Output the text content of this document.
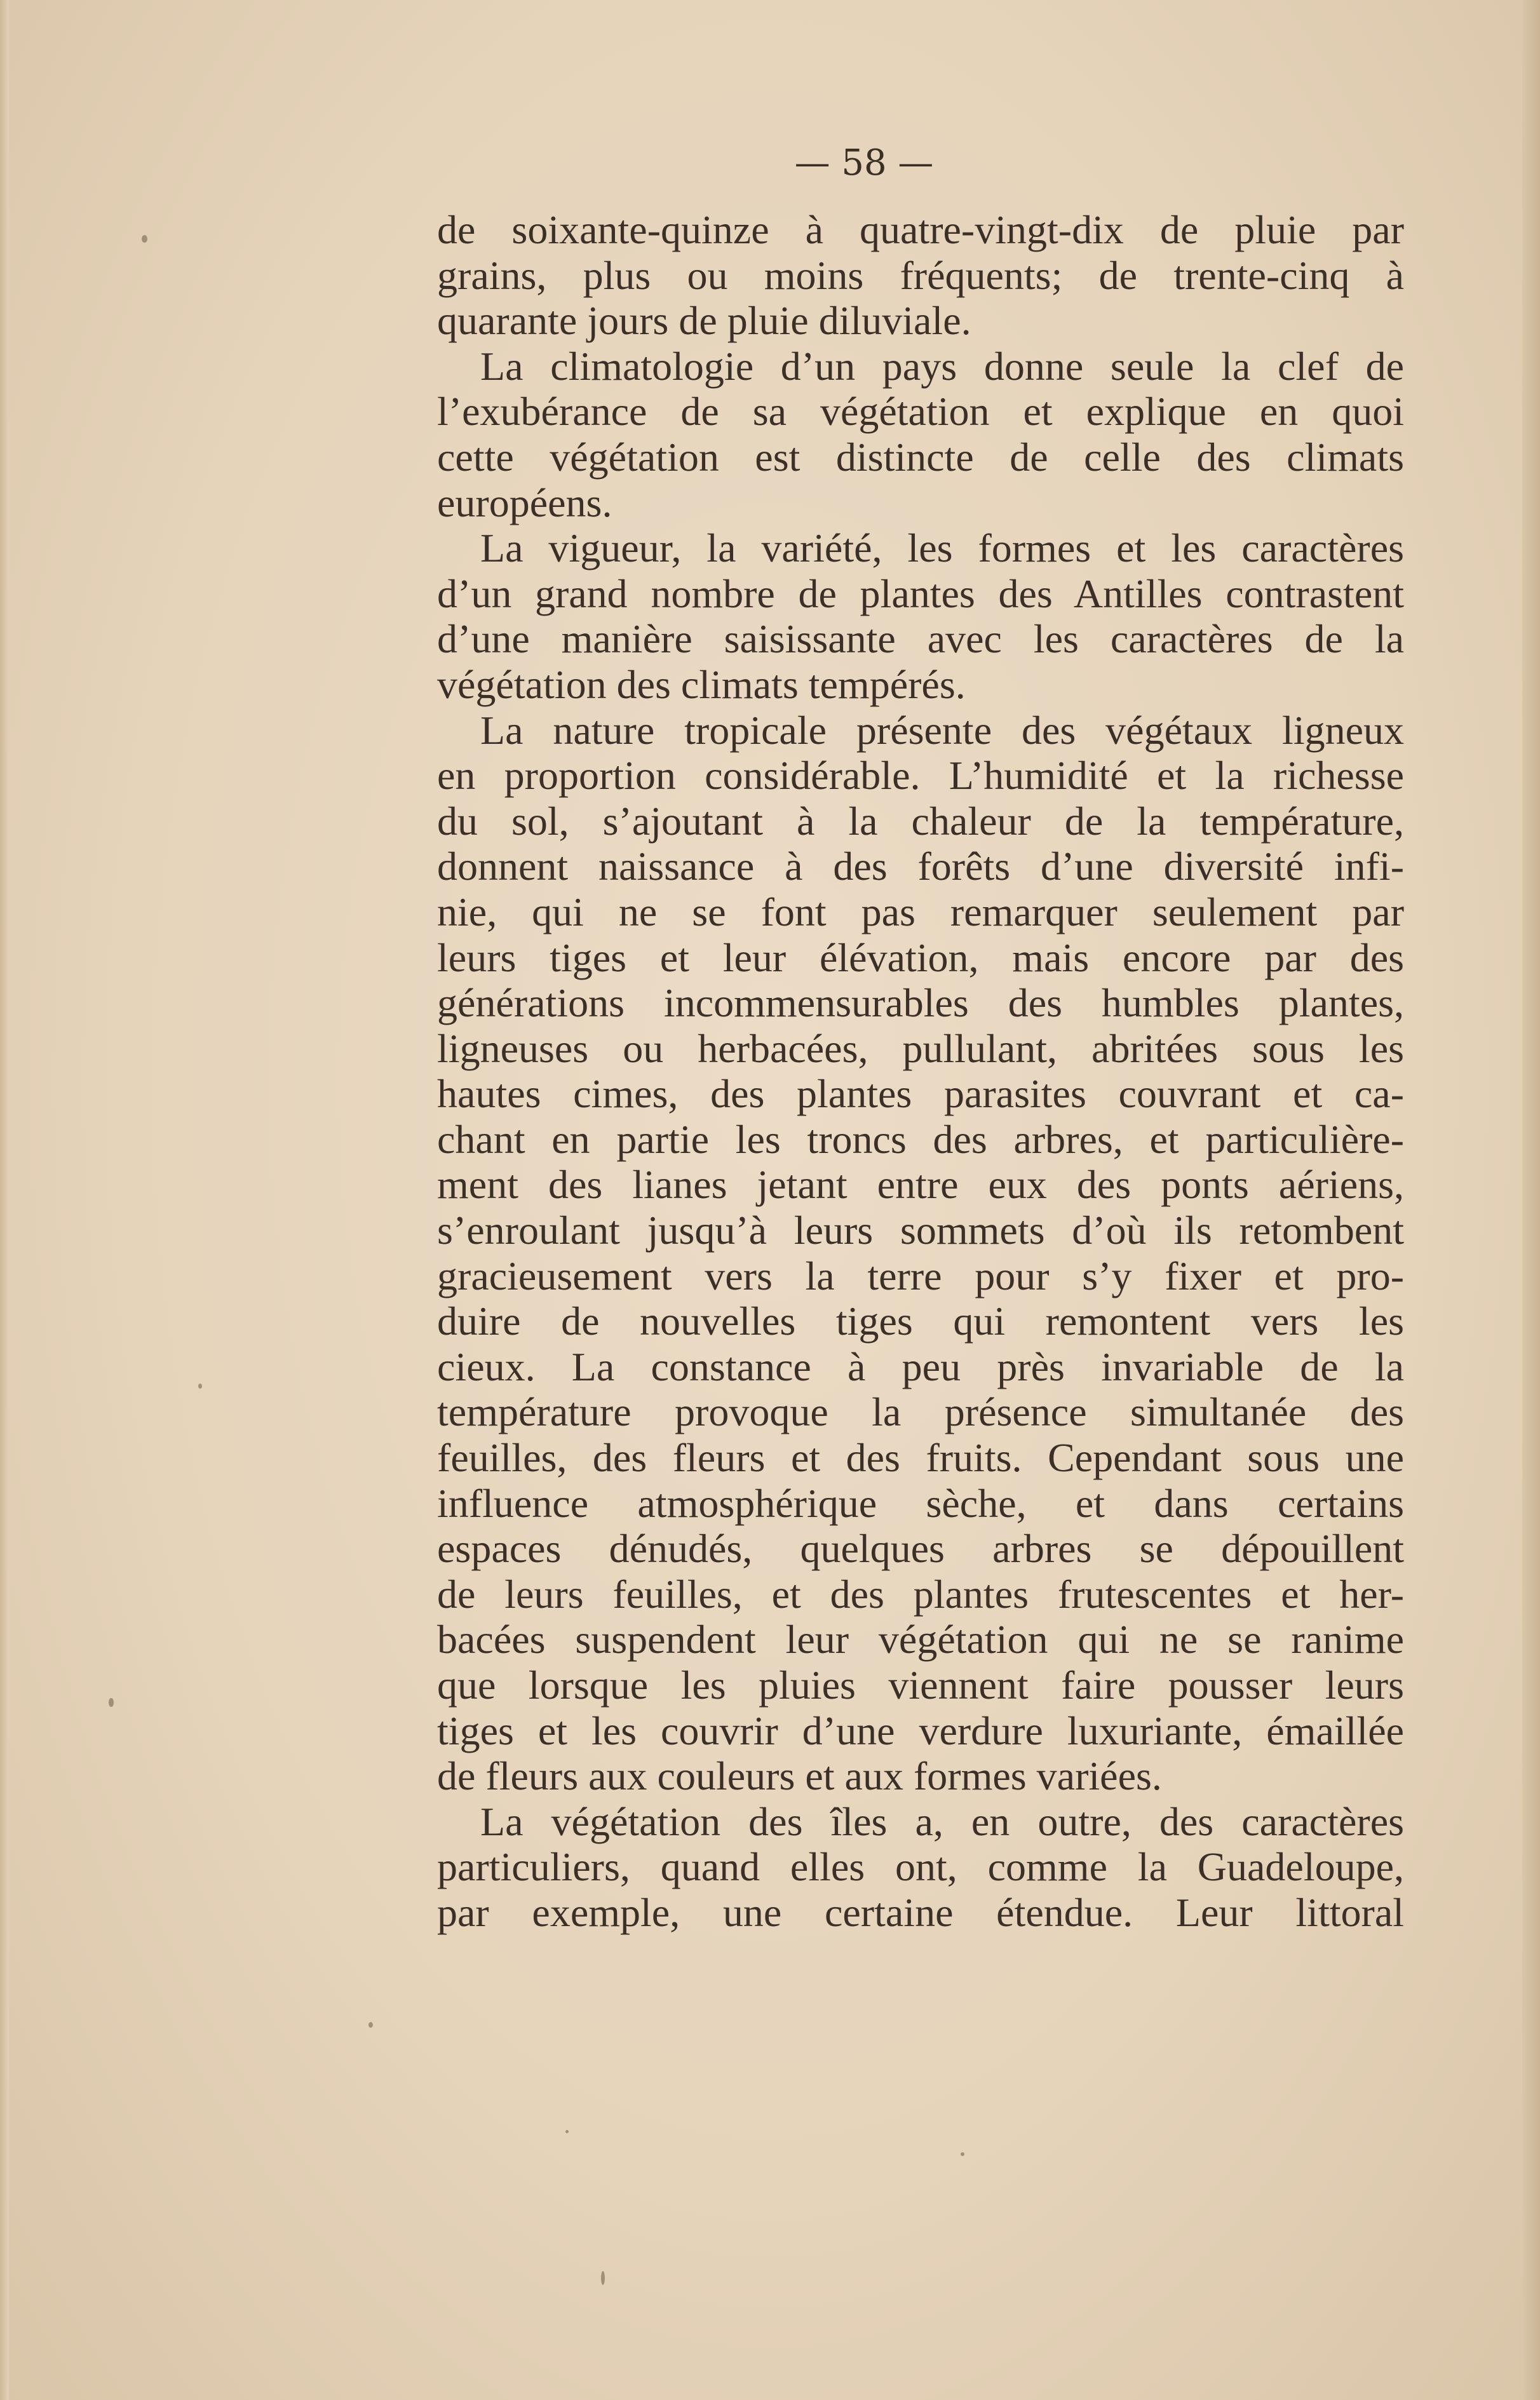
— 58 —
de soixante-quinze à quatre-vingt-dix de pluie par
grains, plus ou moins fréquents; de trente-cinq à
quarante jours de pluie diluviale.
La climatologie d’un pays donne seule la clef de
l’exubérance de sa végétation et explique en quoi
cette végétation est distincte de celle des climats
européens.
La vigueur, la variété, les formes et les caractères
d’un grand nombre de plantes des Antilles contrastent
d’une manière saisissante avec les caractères de la
végétation des climats tempérés.
La nature tropicale présente des végétaux ligneux
en proportion considérable. L’humidité et la richesse
du sol, s’ajoutant à la chaleur de la température,
donnent naissance à des forêts d’une diversité infi-
nie, qui ne se font pas remarquer seulement par
leurs tiges et leur élévation, mais encore par des
générations incommensurables des humbles plantes,
ligneuses ou herbacées, pullulant, abritées sous les
hautes cimes, des plantes parasites couvrant et ca-
chant en partie les troncs des arbres, et particulière-
ment des lianes jetant entre eux des ponts aériens,
s’enroulant jusqu’à leurs sommets d’où ils retombent
gracieusement vers la terre pour s’y fixer et pro-
duire de nouvelles tiges qui remontent vers les
cieux. La constance à peu près invariable de la
température provoque la présence simultanée des
feuilles, des fleurs et des fruits. Cependant sous une
influence atmosphérique sèche, et dans certains
espaces dénudés, quelques arbres se dépouillent
de leurs feuilles, et des plantes frutescentes et her-
bacées suspendent leur végétation qui ne se ranime
que lorsque les pluies viennent faire pousser leurs
tiges et les couvrir d’une verdure luxuriante, émaillée
de fleurs aux couleurs et aux formes variées.
La végétation des îles a, en outre, des caractères
particuliers, quand elles ont, comme la Guadeloupe,
par exemple, une certaine étendue. Leur littoral
